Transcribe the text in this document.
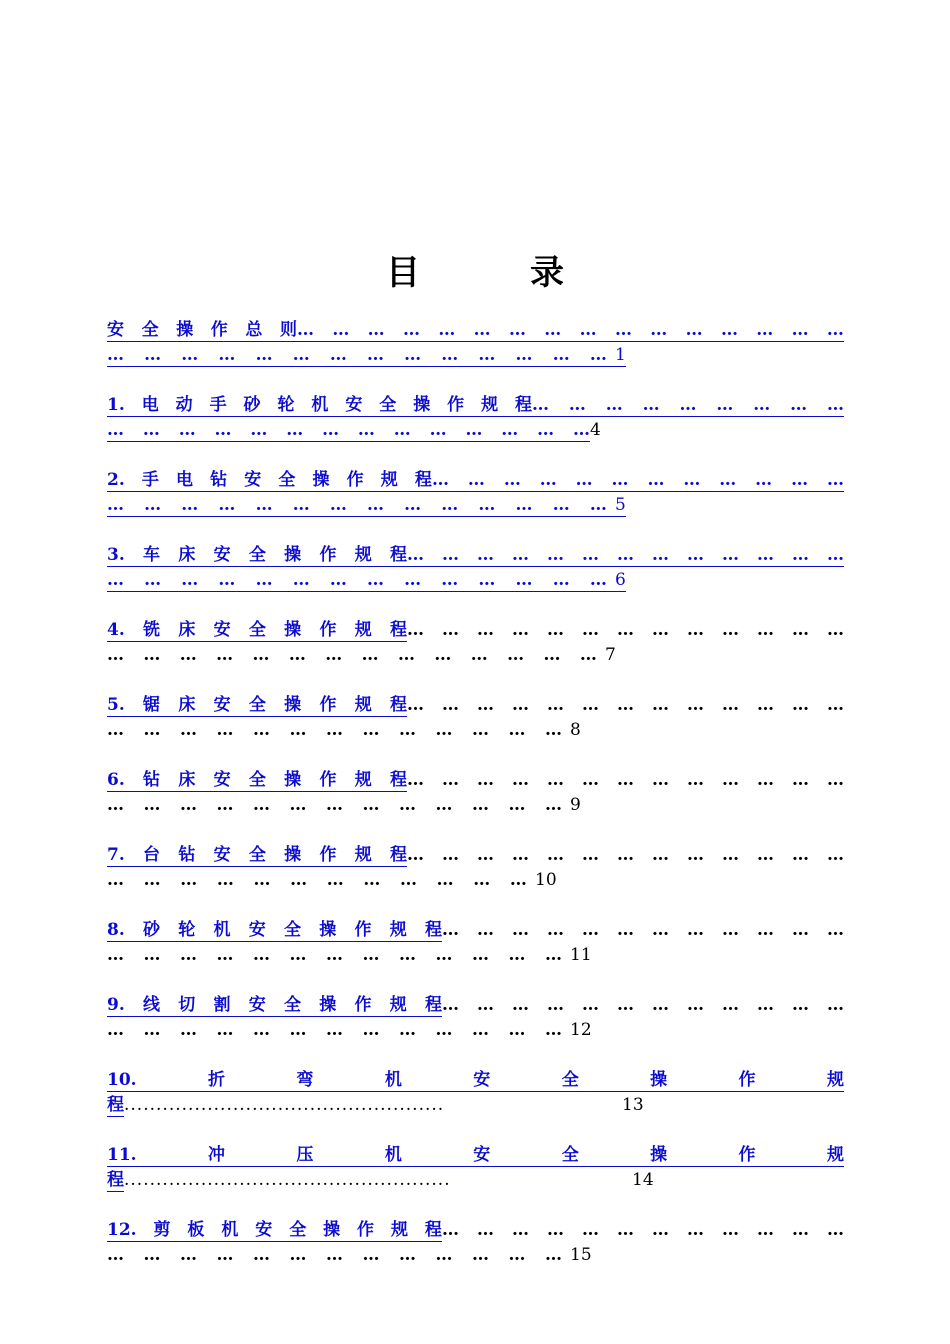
目	录
安 全 操 作 总 则 … … … … … … … … … … … … … … … …
… … … … … … … … … … … … … … 1
1. 电 动 手 砂 轮 机 安 全 操 作 规 程 … … … … … … … … …
… … … … … … … … … … … … … … 4
2. 手 电 钻 安 全 操 作 规 程 … … … … … … … … … … … …
… … … … … … … … … … … … … … 5
3. 车 床 安 全 操 作 规 程 … … … … … … … … … … … … …
… … … … … … … … … … … … … … 6
4. 铣 床 安 全 操 作 规 程 … … … … … … … … … … … … …
… … … … … … … … … … … … … … 7
5. 锯 床 安 全 操 作 规 程 … … … … … … … … … … … … …
… … … … … … … … … … … … … 8
6. 钻 床 安 全 操 作 规 程 … … … … … … … … … … … … …
… … … … … … … … … … … … … 9
7. 台 钻 安 全 操 作 规 程 … … … … … … … … … … … … …
… … … … … … … … … … … … 10
8. 砂 轮 机 安 全 操 作 规 程 … … … … … … … … … … … …
… … … … … … … … … … … … … 11
9. 线 切 割 安 全 操 作 规 程 … … … … … … … … … … … …
… … … … … … … … … … … … … 12
10.	折	弯	机	安	全	操	作	规
程 ..................................................	13
11.	冲	压	机	安	全	操	作	规
程 ...................................................	14
12. 剪 板 机 安 全 操 作 规 程 … … … … … … … … … … … …
… … … … … … … … … … … … … 15
